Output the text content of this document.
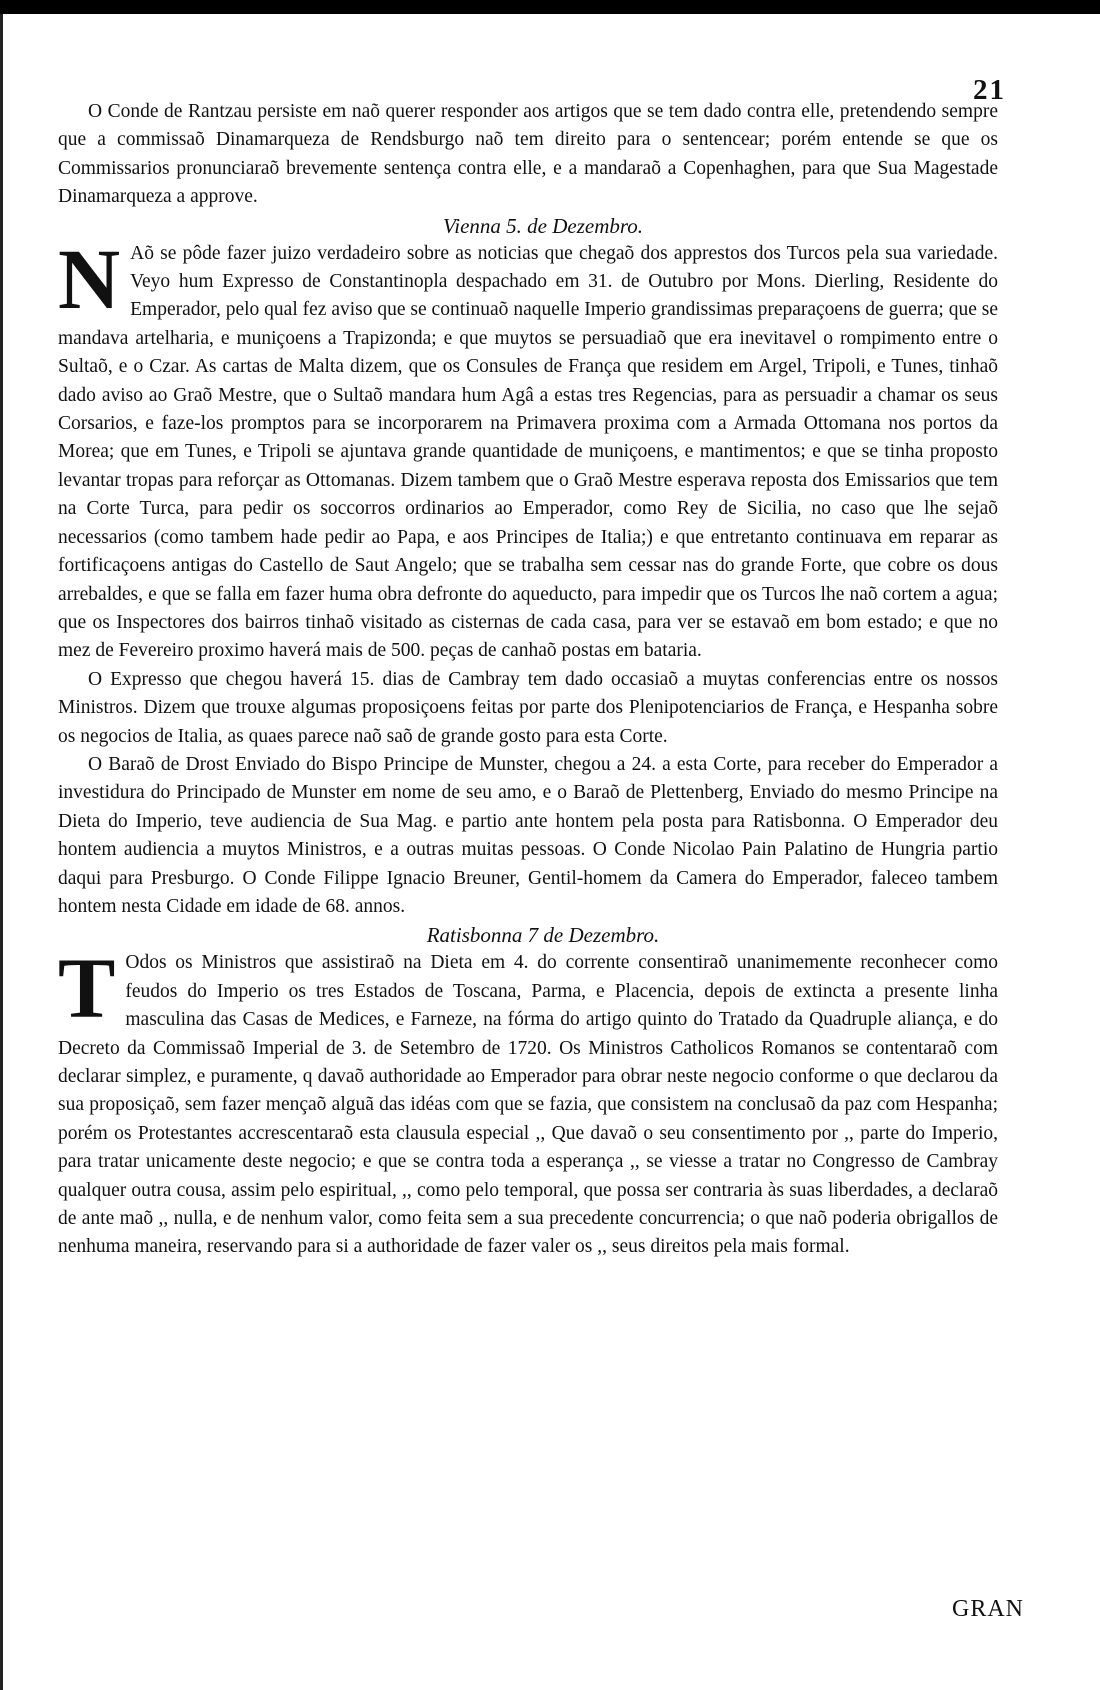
21

O Conde de Rantzau persiste em naõ querer responder aos artigos que se tem dado contra elle, pretendendo sempre que a commissaõ Dinamarqueza de Rendsburgo naõ tem direito para o sentencear; porém entende se que os Commissarios pronunciaraõ brevemente sentença contra elle, e a mandaraõ a Copenhaghen, para que Sua Magestade Dinamarqueza a approve.

Vienna 5. de Dezembro.

N Aõ se pôde fazer juizo verdadeiro sobre as noticias que chegaõ dos apprestos dos Turcos pela sua variedade. Veyo hum Expresso de Constantinopla despachado em 31. de Outubro por Mons. Dierling, Residente do Emperador, pelo qual fez aviso que se continuaõ naquelle Imperio grandissimas preparaçoens de guerra; que se mandava artelharia, e muniçoens a Trapizonda; e que muytos se persuadiaõ que era inevitavel o rompimento entre o Sultaõ, e o Czar. As cartas de Malta dizem, que os Consules de França que residem em Argel, Tripoli, e Tunes, tinhaõ dado aviso ao Graõ Mestre, que o Sultaõ mandara hum Agâ a estas tres Regencias, para as persuadir a chamar os seus Corsarios, e faze-los promptos para se incorporarem na Primavera proxima com a Armada Ottomana nos portos da Morea; que em Tunes, e Tripoli se ajuntava grande quantidade de muniçoens, e mantimentos; e que se tinha proposto levantar tropas para reforçar as Ottomanas. Dizem tambem que o Graõ Mestre esperava reposta dos Emissarios que tem na Corte Turca, para pedir os soccorros ordinarios ao Emperador, como Rey de Sicilia, no caso que lhe sejaõ necessarios (como tambem hade pedir ao Papa, e aos Principes de Italia;) e que entretanto continuava em reparar as fortificaçoens antigas do Castello de Saut Angelo; que se trabalha sem cessar nas do grande Forte, que cobre os dous arrebaldes, e que se falla em fazer huma obra defronte do aqueducto, para impedir que os Turcos lhe naõ cortem a agua; que os Inspectores dos bairros tinhaõ visitado as cisternas de cada casa, para ver se estavaõ em bom estado; e que no mez de Fevereiro proximo haverá mais de 500. peças de canhaõ postas em bataria.

O Expresso que chegou haverá 15. dias de Cambray tem dado occasiaõ a muytas conferencias entre os nossos Ministros. Dizem que trouxe algumas proposiçoens feitas por parte dos Plenipotenciarios de França, e Hespanha sobre os negocios de Italia, as quaes parece naõ saõ de grande gosto para esta Corte.

O Baraõ de Drost Enviado do Bispo Principe de Munster, chegou a 24. a esta Corte, para receber do Emperador a investidura do Principado de Munster em nome de seu amo, e o Baraõ de Plettenberg, Enviado do mesmo Principe na Dieta do Imperio, teve audiencia de Sua Mag. e partio ante hontem pela posta para Ratisbonna. O Emperador deu hontem audiencia a muytos Ministros, e a outras muitas pessoas. O Conde Nicolao Pain Palatino de Hungria partio daqui para Presburgo. O Conde Filippe Ignacio Breuner, Gentil-homem da Camera do Emperador, faleceo tambem hontem nesta Cidade em idade de 68. annos.

Ratisbonna 7 de Dezembro.

T Odos os Ministros que assistiraõ na Dieta em 4. do corrente consentiraõ unanimemente reconhecer como feudos do Imperio os tres Estados de Toscana, Parma, e Placencia, depois de extincta a presente linha masculina das Casas de Medices, e Farneze, na fórma do artigo quinto do Tratado da Quadruple aliança, e do Decreto da Commissaõ Imperial de 3. de Setembro de 1720. Os Ministros Catholicos Romanos se contentaraõ com declarar simplez, e puramente, q davaõ authoridade ao Emperador para obrar neste negocio conforme o que declarou da sua proposiçaõ, sem fazer mençaõ alguã das idéas com que se fazia, que consistem na conclusaõ da paz com Hespanha; porém os Protestantes accrescentaraõ esta clausula especial ,, Que davaõ o seu consentimento por ,, parte do Imperio, para tratar unicamente deste negocio; e que se contra toda a esperança ,, se viesse a tratar no Congresso de Cambray qualquer outra cousa, assim pelo espiritual, ,, como pelo temporal, que possa ser contraria às suas liberdades, a declaraõ de ante maõ ,, nulla, e de nenhum valor, como feita sem a sua precedente concurrencia; o que naõ poderia obrigallos de nenhuma maneira, reservando para si a authoridade de fazer valer os ,, seus direitos pela mais formal.

GRAN
